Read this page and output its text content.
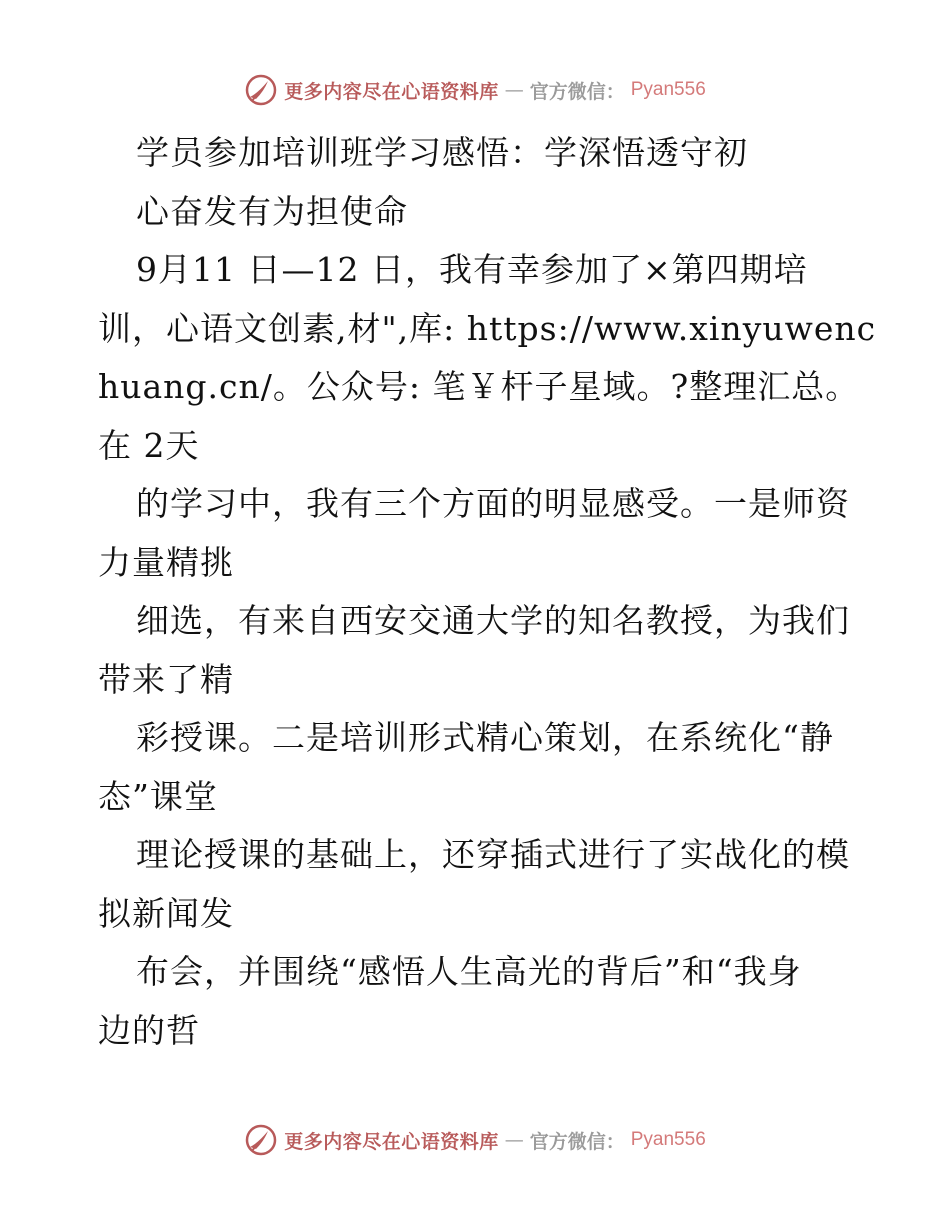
更多内容尽在心语资料库 — 官方微信： Pyan556
学员参加培训班学习感悟：学深悟透守初
心奋发有为担使命
9月11 日—12 日，我有幸参加了×第四期培
训，心语文创素,材",库: https://www.xinyuwenc
huang.cn/。公众号: 笔￥杆子星域。?整理汇总。
在 2天
的学习中，我有三个方面的明显感受。一是师资
力量精挑
细选，有来自西安交通大学的知名教授，为我们
带来了精
彩授课。二是培训形式精心策划，在系统化“静
态”课堂
理论授课的基础上，还穿插式进行了实战化的模
拟新闻发
布会，并围绕“感悟人生高光的背后”和“我身
边的哲
更多内容尽在心语资料库 — 官方微信： Pyan556
